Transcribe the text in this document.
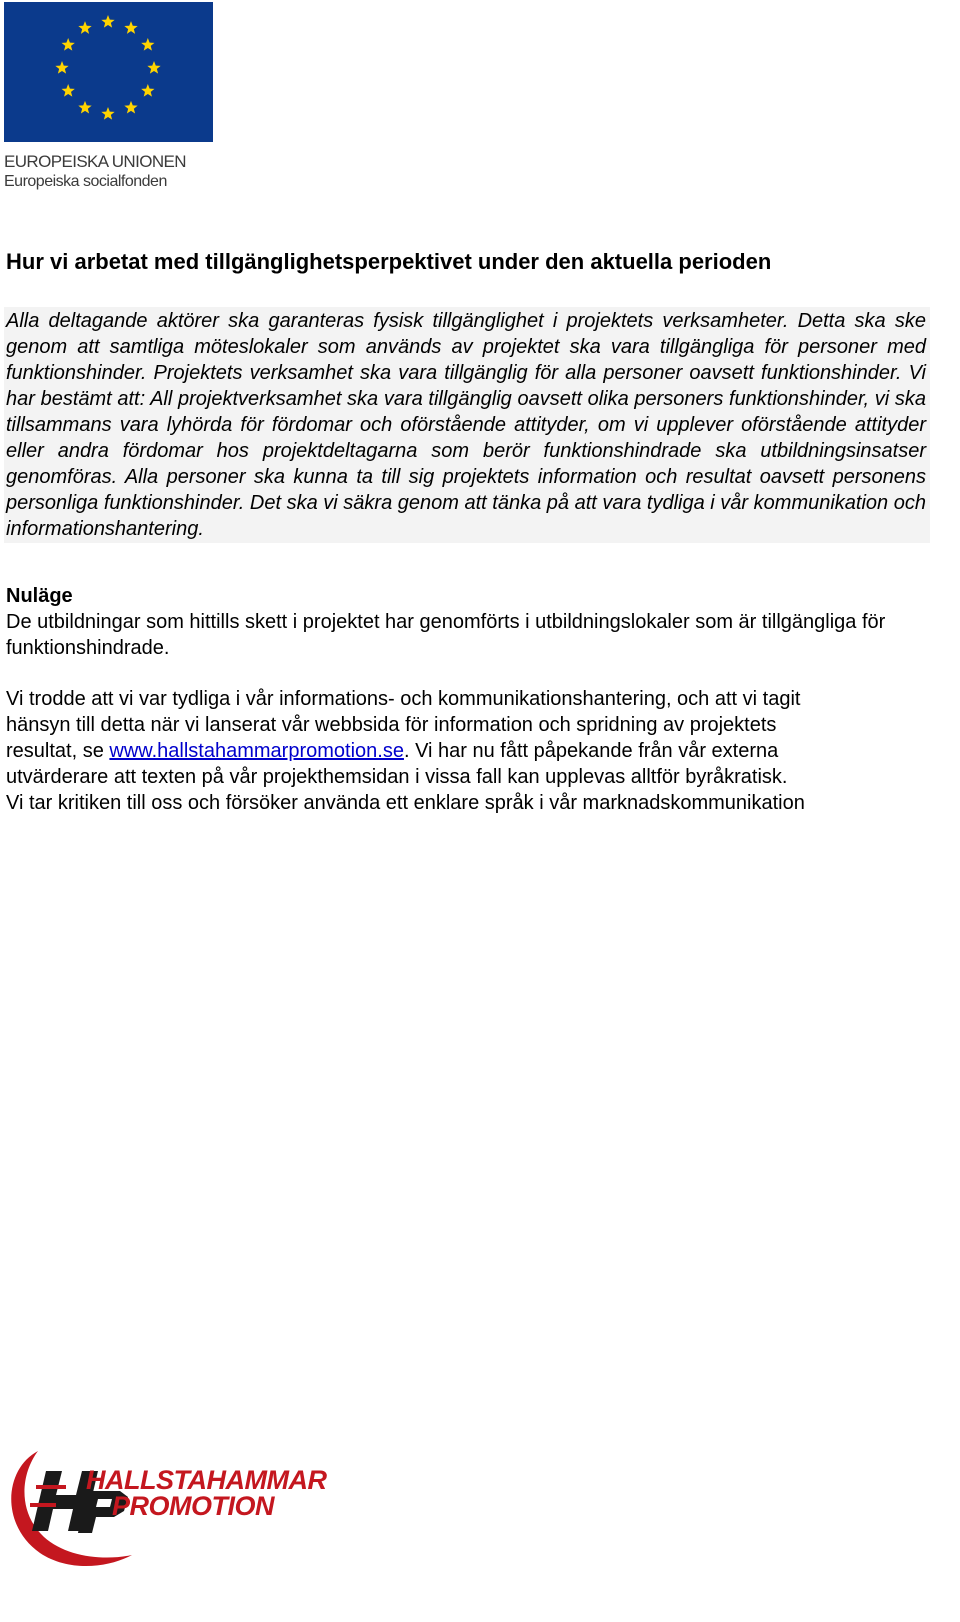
EUROPEISKA UNIONEN
Europeiska socialfonden
Hur vi arbetat med tillgänglighetsperpektivet under den aktuella perioden

Alla deltagande aktörer ska garanteras fysisk tillgänglighet i projektets verksamheter. Detta ska ske genom att samtliga möteslokaler som används av projektet ska vara tillgängliga för personer med funktionshinder. Projektets verksamhet ska vara tillgänglig för alla personer oavsett funktionshinder. Vi har bestämt att: All projektverksamhet ska vara tillgänglig oavsett olika personers funktionshinder, vi ska tillsammans vara lyhörda för fördomar och oförstående attityder, om vi upplever oförstående attityder eller andra fördomar hos projektdeltagarna som berör funktionshindrade ska utbildningsinsatser genomföras. Alla personer ska kunna ta till sig projektets information och resultat oavsett personens personliga funktionshinder. Det ska vi säkra genom att tänka på att vara tydliga i vår kommunikation och informationshantering.

Nuläge

De utbildningar som hittills skett i projektet har genomförts i utbildningslokaler som är tillgängliga för funktionshindrade.

Vi trodde att vi var tydliga i vår informations- och kommunikationshantering, och att vi tagit
hänsyn till detta när vi lanserat vår webbsida för information och spridning av projektets
resultat, se www.hallstahammarpromotion.se. Vi har nu fått påpekande från vår externa
utvärderare att texten på vår projekthemsidan i vissa fall kan upplevas alltför byråkratisk.
Vi tar kritiken till oss och försöker använda ett enklare språk i vår marknadskommunikation

HALLSTAHAMMAR
PROMOTION
